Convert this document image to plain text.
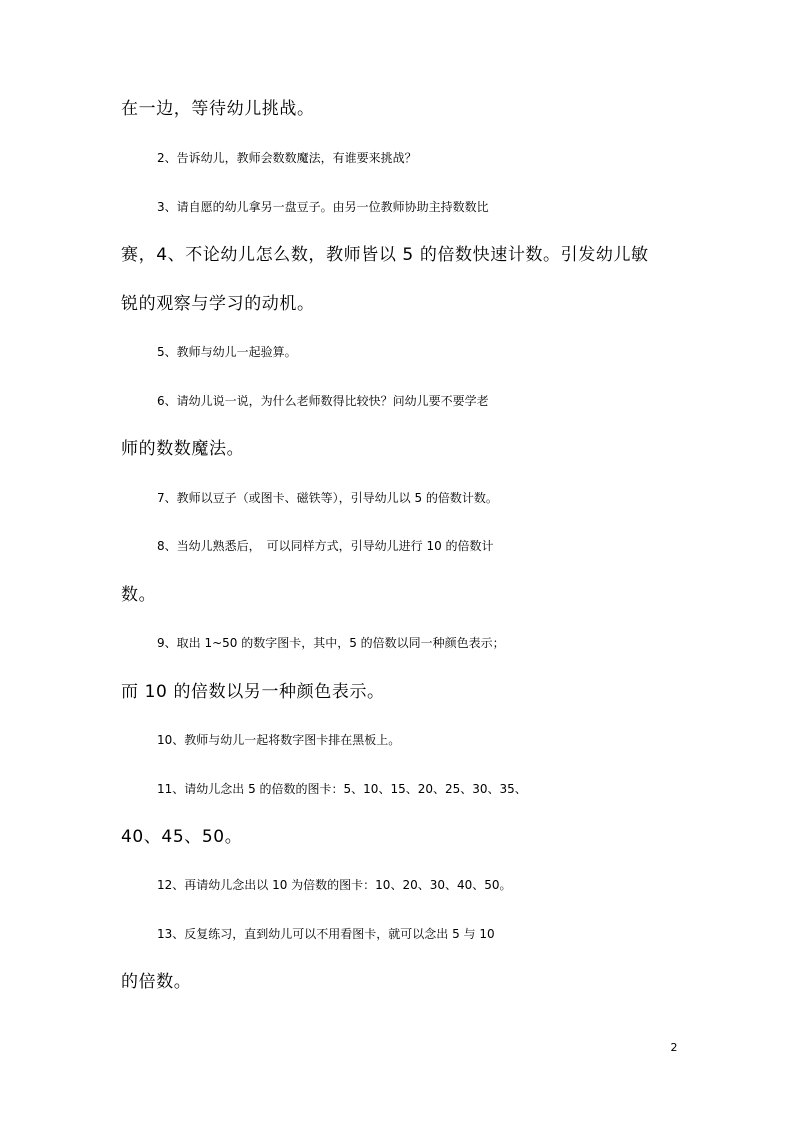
在一边，等待幼儿挑战。
2、告诉幼儿，教师会数数魔法，有谁要来挑战？
3、请自愿的幼儿拿另一盘豆子。由另一位教师协助主持数数比
赛，4、不论幼儿怎么数，教师皆以 5 的倍数快速计数。引发幼儿敏
锐的观察与学习的动机。
5、教师与幼儿一起验算。
6、请幼儿说一说，为什么老师数得比较快？问幼儿要不要学老
师的数数魔法。
7、教师以豆子（或图卡、磁铁等），引导幼儿以 5 的倍数计数。
8、当幼儿熟悉后，　可以同样方式，引导幼儿进行 10 的倍数计
数。
9、取出 1~50 的数字图卡，其中，5 的倍数以同一种颜色表示；
而 10 的倍数以另一种颜色表示。
10、教师与幼儿一起将数字图卡排在黑板上。
11、请幼儿念出 5 的倍数的图卡：5、10、15、20、25、30、35、
40、45、50。
12、再请幼儿念出以 10 为倍数的图卡：10、20、30、40、50。
13、反复练习，直到幼儿可以不用看图卡，就可以念出 5 与 10
的倍数。
2
